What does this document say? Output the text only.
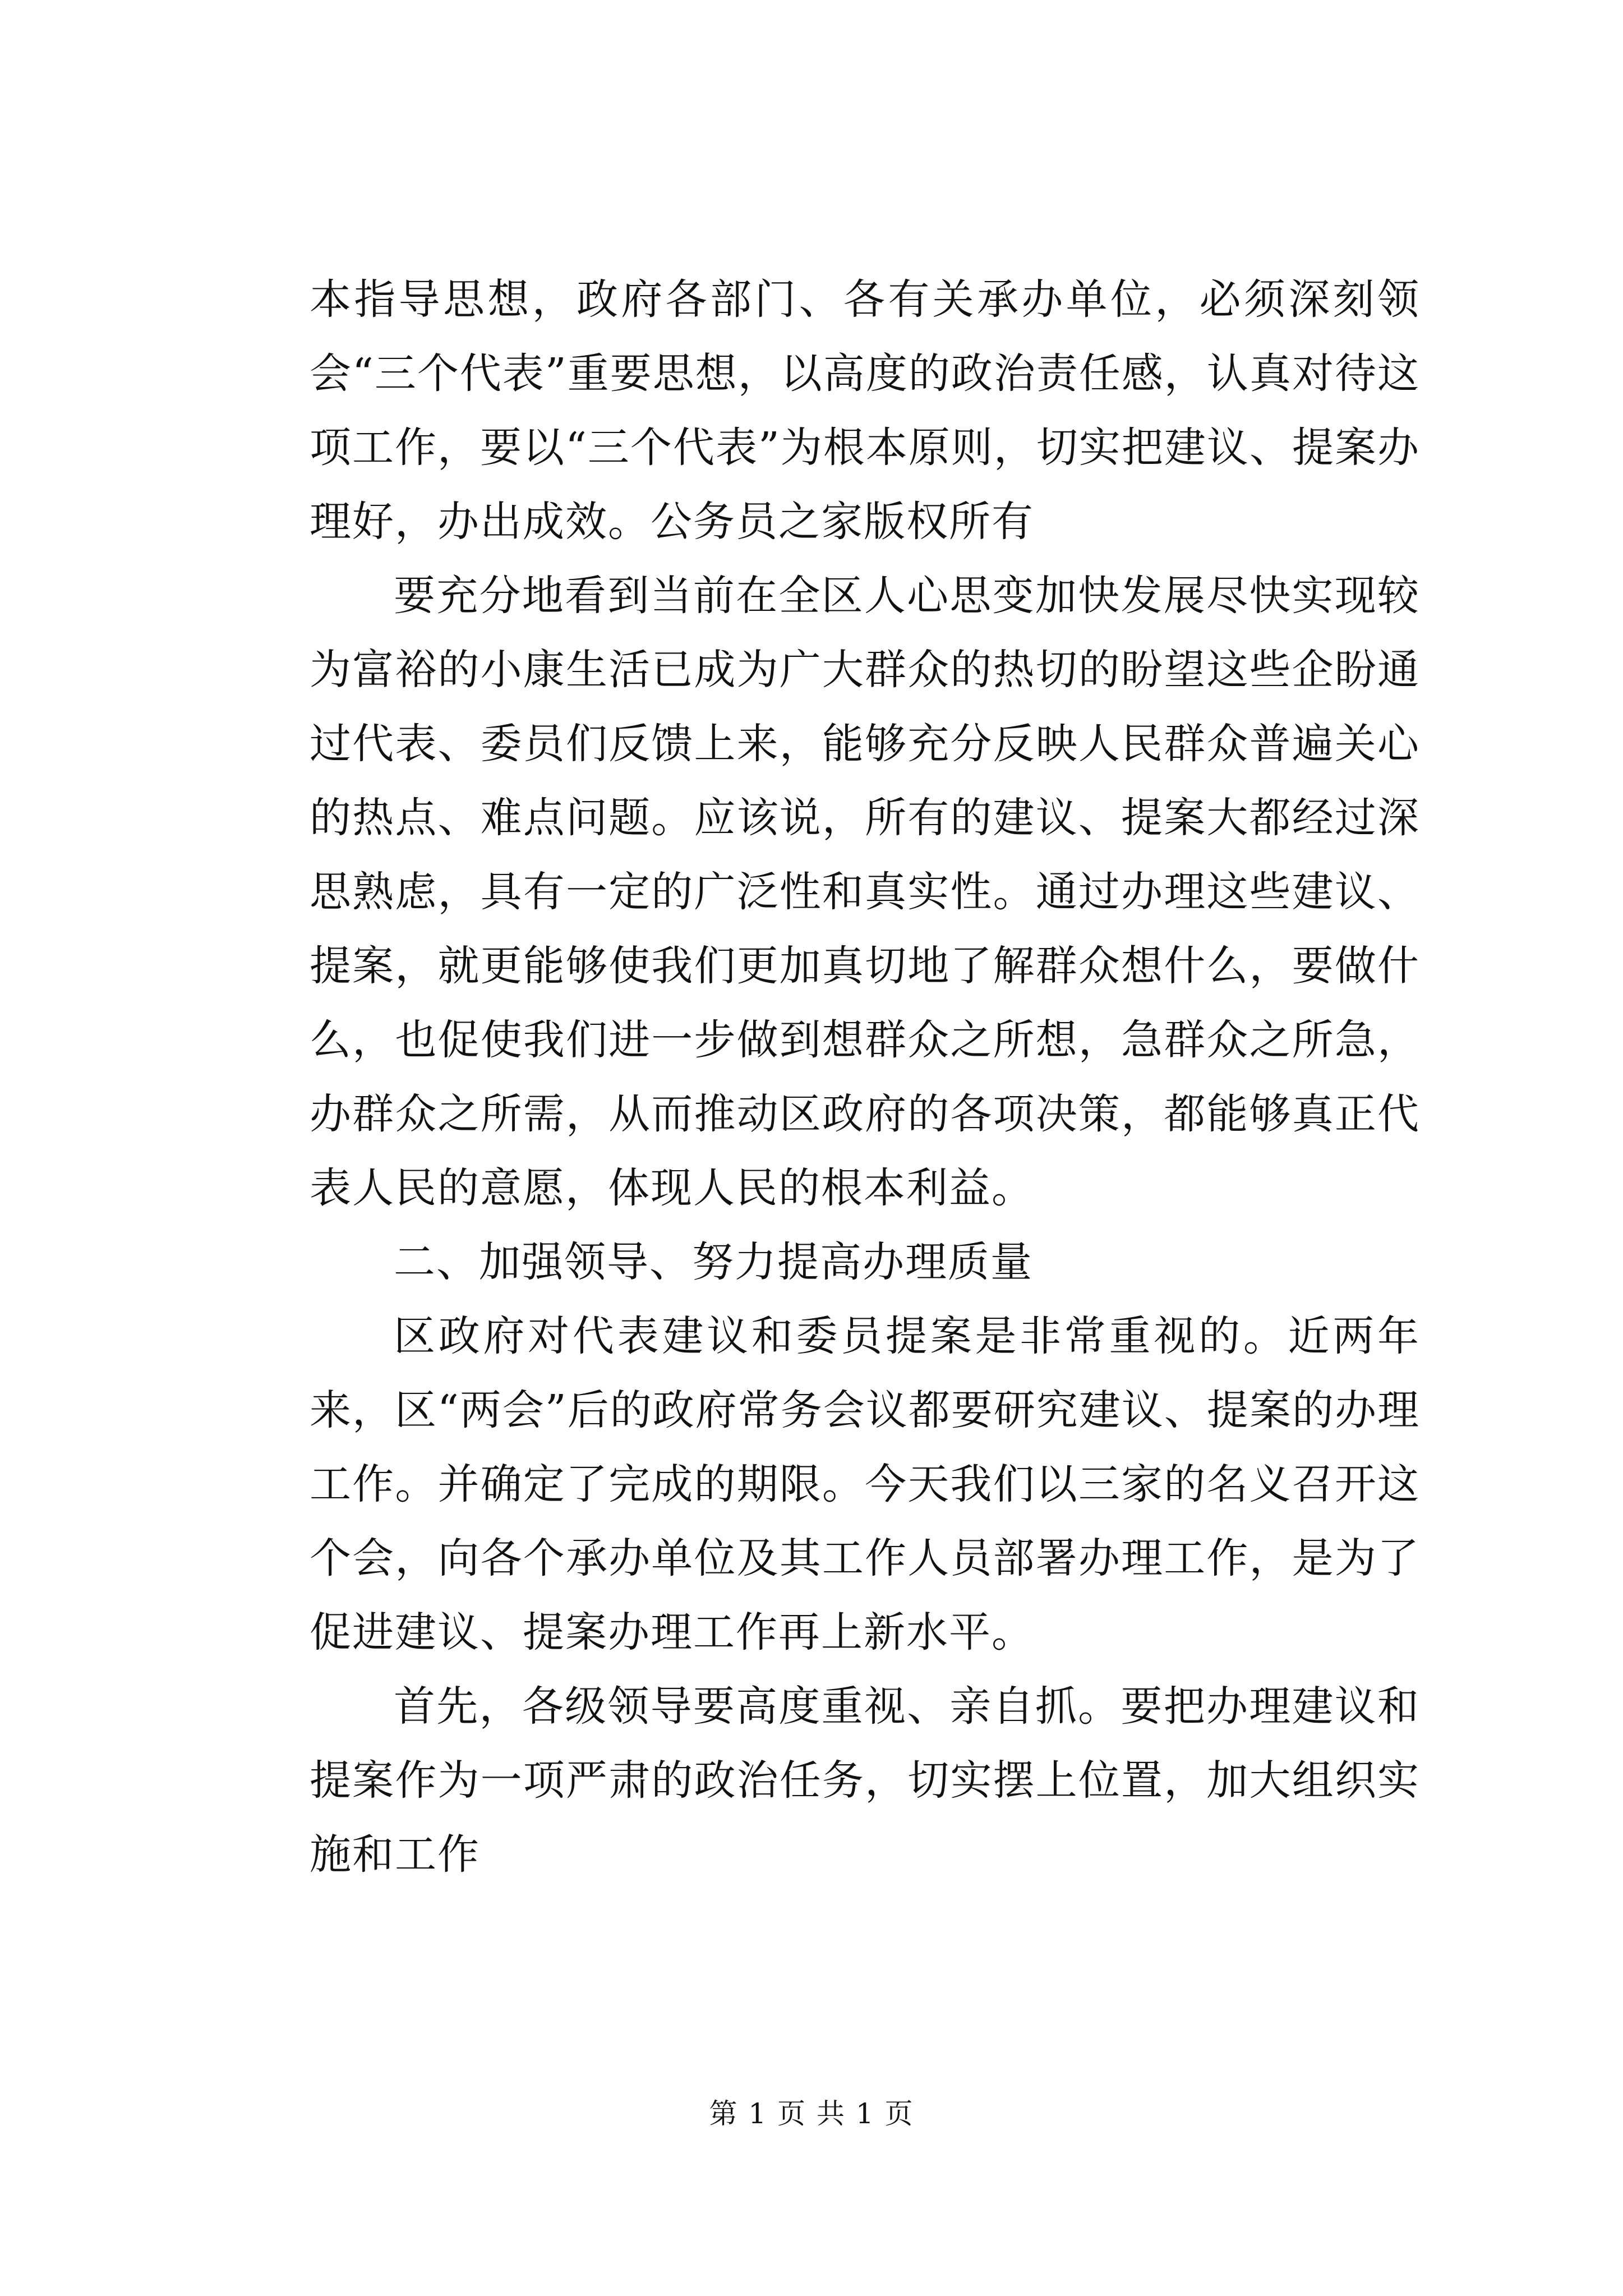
本指导思想，政府各部门、各有关承办单位，必须深刻领会“三个代表”重要思想，以高度的政治责任感，认真对待这项工作，要以“三个代表”为根本原则，切实把建议、提案办理好，办出成效。公务员之家版权所有

要充分地看到当前在全区人心思变加快发展尽快实现较为富裕的小康生活已成为广大群众的热切的盼望这些企盼通过代表、委员们反馈上来，能够充分反映人民群众普遍关心的热点、难点问题。应该说，所有的建议、提案大都经过深思熟虑，具有一定的广泛性和真实性。通过办理这些建议、提案，就更能够使我们更加真切地了解群众想什么，要做什么，也促使我们进一步做到想群众之所想，急群众之所急，办群众之所需，从而推动区政府的各项决策，都能够真正代表人民的意愿，体现人民的根本利益。

二、加强领导、努力提高办理质量

区政府对代表建议和委员提案是非常重视的。近两年来，区“两会”后的政府常务会议都要研究建议、提案的办理工作。并确定了完成的期限。今天我们以三家的名义召开这个会，向各个承办单位及其工作人员部署办理工作，是为了促进建议、提案办理工作再上新水平。

首先，各级领导要高度重视、亲自抓。要把办理建议和提案作为一项严肃的政治任务，切实摆上位置，加大组织实施和工作

第 1 页 共 1 页
